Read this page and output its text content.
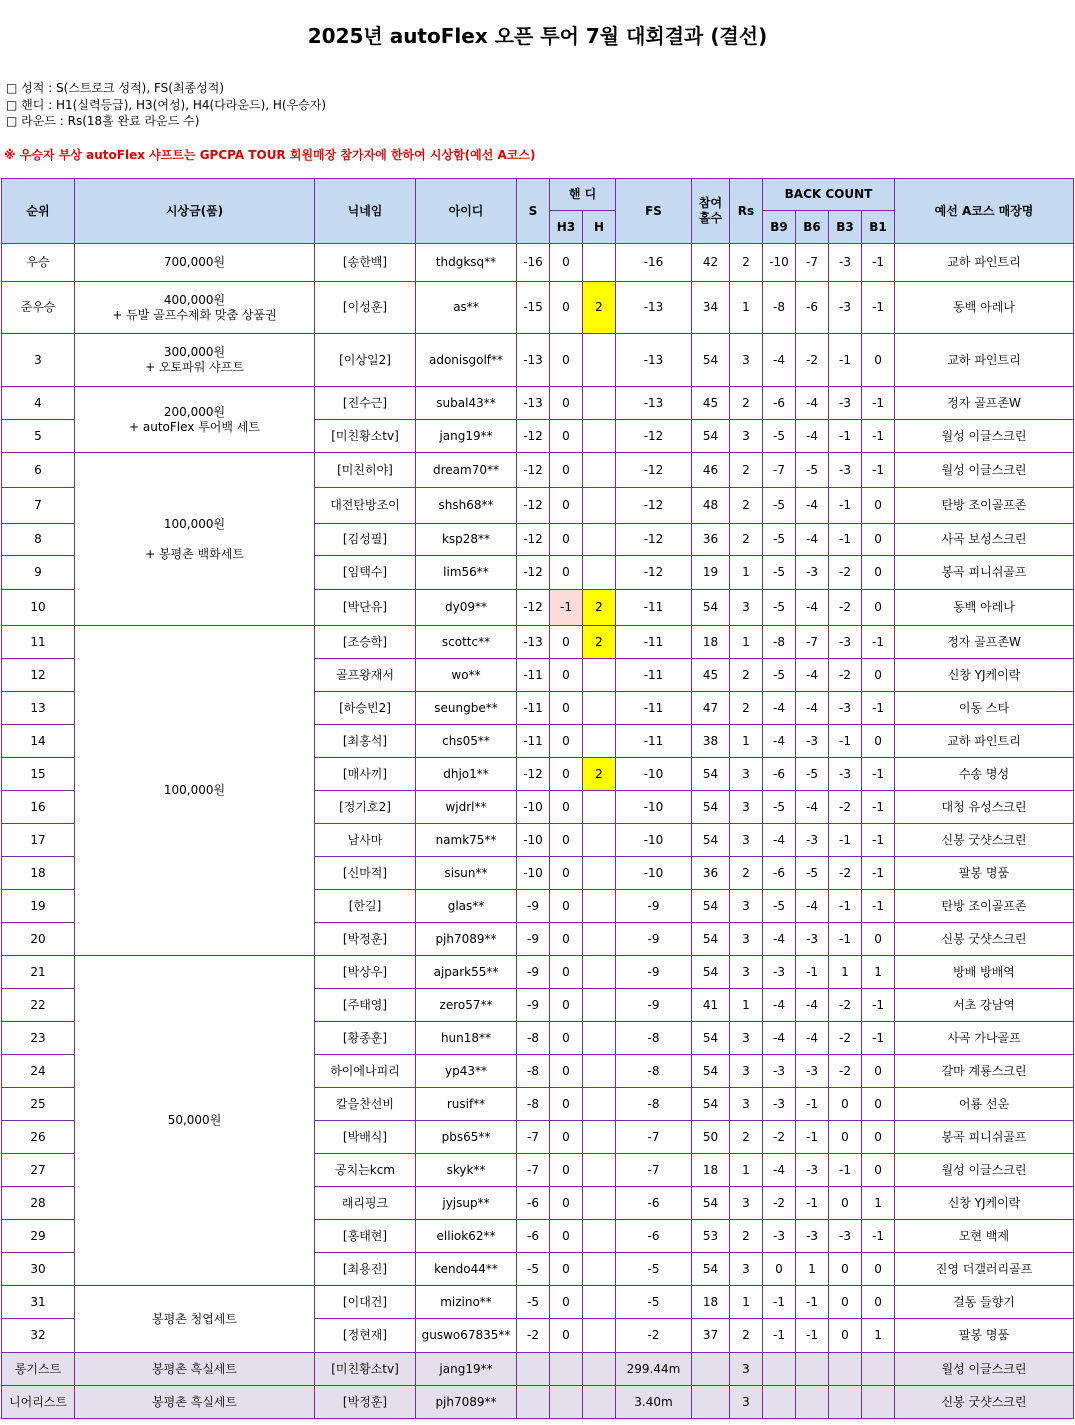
2025년 autoFlex 오픈 투어 7월 대회결과 (결선)
□ 성적 : S(스트로크 성적), FS(최종성적)
□ 핸디 : H1(실력등급), H3(여성), H4(다라운드), H(우승자)
□ 라운드 : Rs(18홀 완료 라운드 수)
※ 우승자 부상 autoFlex 샤프트는 GPCPA TOUR 회원매장 참가자에 한하여 시상함(예선 A코스)
순위	시상금(품)	닉네임	아이디	S	핸 디		FS	참여
홀수	Rs	BACK COUNT				예선 A코스 매장명
					H3	H				B9	B6	B3	B1	
우승	700,000원	[송한백]	thdgksq**	-16	0		-16	42	2	-10	-7	-3	-1	교하 파인트리
준우승	400,000원
+ 듀발 골프수제화 맞춤 상품권	[이성훈]	as**	-15	0	2	-13	34	1	-8	-6	-3	-1	동백 아레나
3	300,000원
+ 오토파워 샤프트	[이상일2]	adonisgolf**	-13	0		-13	54	3	-4	-2	-1	0	교하 파인트리
4	200,000원
+ autoFlex 투어백 세트	[진수근]	subal43**	-13	0		-13	45	2	-6	-4	-3	-1	정자 골프존W
5		[미친황소tv]	jang19**	-12	0		-12	54	3	-5	-4	-1	-1	월성 이글스크린
6	100,000원

+ 봉평촌 백화세트	[미친히야]	dream70**	-12	0		-12	46	2	-7	-5	-3	-1	월성 이글스크린
7		대전탄방조이	shsh68**	-12	0		-12	48	2	-5	-4	-1	0	탄방 조이골프존
8		[김성필]	ksp28**	-12	0		-12	36	2	-5	-4	-1	0	사곡 보성스크린
9		[임택수]	lim56**	-12	0		-12	19	1	-5	-3	-2	0	봉곡 피니쉬골프
10		[박단유]	dy09**	-12	-1	2	-11	54	3	-5	-4	-2	0	동백 아레나
11	100,000원	[조승학]	scottc**	-13	0	2	-11	18	1	-8	-7	-3	-1	정자 골프존W
12		골프왕재서	wo**	-11	0		-11	45	2	-5	-4	-2	0	신창 YJ케이락
13		[하승빈2]	seungbe**	-11	0		-11	47	2	-4	-4	-3	-1	이동 스타
14		[최홍석]	chs05**	-11	0		-11	38	1	-4	-3	-1	0	교하 파인트리
15		[매사끼]	dhjo1**	-12	0	2	-10	54	3	-6	-5	-3	-1	수송 명성
16		[정기호2]	wjdrl**	-10	0		-10	54	3	-5	-4	-2	-1	대청 유성스크린
17		남사마	namk75**	-10	0		-10	54	3	-4	-3	-1	-1	신봉 굿샷스크린
18		[신마적]	sisun**	-10	0		-10	36	2	-6	-5	-2	-1	팔봉 명품
19		[한길]	glas**	-9	0		-9	54	3	-5	-4	-1	-1	탄방 조이골프존
20		[박정훈]	pjh7089**	-9	0		-9	54	3	-4	-3	-1	0	신봉 굿샷스크린
21	50,000원	[박상우]	ajpark55**	-9	0		-9	54	3	-3	-1	1	1	방배 방배역
22		[주태영]	zero57**	-9	0		-9	41	1	-4	-4	-2	-1	서초 강남역
23		[황종훈]	hun18**	-8	0		-8	54	3	-4	-4	-2	-1	사곡 가나골프
24		하이에나피리	yp43**	-8	0		-8	54	3	-3	-3	-2	0	갈마 계룡스크린
25		칼을찬선비	rusif**	-8	0		-8	54	3	-3	-1	0	0	어룡 선운
26		[박배식]	pbs65**	-7	0		-7	50	2	-2	-1	0	0	봉곡 피니쉬골프
27		공치는kcm	skyk**	-7	0		-7	18	1	-4	-3	-1	0	월성 이글스크린
28		래리핑크	jyjsup**	-6	0		-6	54	3	-2	-1	0	1	신창 YJ케이락
29		[홍태현]	elliok62**	-6	0		-6	53	2	-3	-3	-3	-1	모현 백제
30		[최용진]	kendo44**	-5	0		-5	54	3	0	1	0	0	진영 더갤러리골프
31	봉평촌 청엽세트	[이대건]	mizino**	-5	0		-5	18	1	-1	-1	0	0	걸동 들향기
32		[정현재]	guswo67835**	-2	0		-2	37	2	-1	-1	0	1	팔봉 명품
롱기스트	봉평촌 흑실세트	[미친황소tv]	jang19**				299.44m		3					월성 이글스크린
니어리스트	봉평촌 흑실세트	[박정훈]	pjh7089**				3.40m		3					신봉 굿샷스크린
